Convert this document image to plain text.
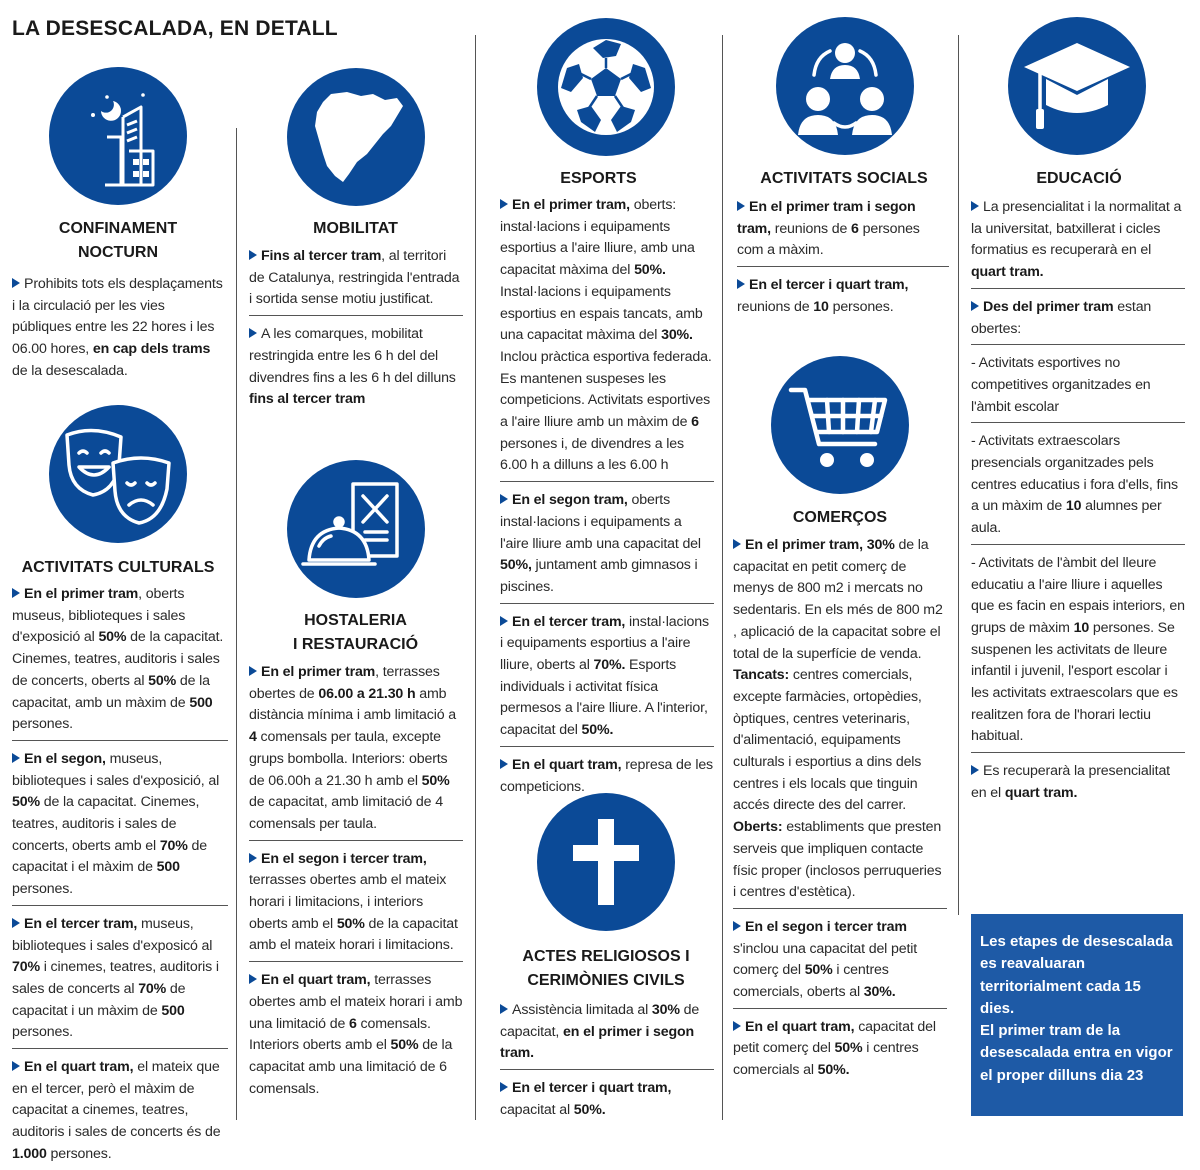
LA DESESCALADA, EN DETALL
CONFINAMENT
NOCTURN

Prohibits tots els desplaçaments i la circulació per les vies públiques entre les 22 hores i les 06.00 hores, en cap dels trams de la desescalada.

ACTIVITATS CULTURALS

En el primer tram, oberts museus, biblioteques i sales d'exposició al 50% de la capacitat. Cinemes, teatres, auditoris i sales de concerts, oberts al 50% de la capacitat, amb un màxim de 500 persones.

En el segon, museus, biblioteques i sales d'exposició, al 50% de la capacitat. Cinemes, teatres, auditoris i sales de concerts, oberts amb el 70% de capacitat i el màxim de 500 persones.

En el tercer tram, museus, biblioteques i sales d'exposicó al 70% i cinemes, teatres, auditoris i sales de concerts al 70% de capacitat i un màxim de 500 persones.

En el quart tram, el mateix que en el tercer, però el màxim de capacitat a cinemes, teatres, auditoris i sales de concerts és de 1.000 persones.

MOBILITAT

Fins al tercer tram, al territori de Catalunya, restringida l'entrada i sortida sense motiu justificat.

A les comarques, mobilitat restringida entre les 6 h del del divendres fins a les 6 h del dilluns fins al tercer tram

HOSTALERIA
I RESTAURACIÓ

En el primer tram, terrasses obertes de 06.00 a 21.30 h amb distància mínima i amb limitació a 4 comensals per taula, excepte grups bombolla. Interiors: oberts de 06.00h a 21.30 h amb el 50% de capacitat, amb limitació de 4 comensals per taula.

En el segon i tercer tram, terrasses obertes amb el mateix horari i limitacions, i interiors oberts amb el 50% de la capacitat amb el mateix horari i limitacions.

En el quart tram, terrasses obertes amb el mateix horari i amb una limitació de 6 comensals. Interiors oberts amb el 50% de la capacitat amb una limitació de 6 comensals.

ESPORTS

En el primer tram, oberts: instal·lacions i equipaments esportius a l'aire lliure, amb una capacitat màxima del 50%. Instal·lacions i equipaments esportius en espais tancats, amb una capacitat màxima del 30%. Inclou pràctica esportiva federada. Es mantenen suspeses les competicions. Activitats esportives a l'aire lliure amb un màxim de 6 persones i, de divendres a les 6.00 h a dilluns a les 6.00 h

En el segon tram, oberts instal·lacions i equipaments a l'aire lliure amb una capacitat del 50%, juntament amb gimnasos i piscines.

En el tercer tram, instal·lacions i equipaments esportius a l'aire lliure, oberts al 70%. Esports individuals i activitat física permesos a l'aire lliure. A l'interior, capacitat del 50%.

En el quart tram, represa de les competicions.

ACTES RELIGIOSOS I
CERIMÒNIES CIVILS

Assistència limitada al 30% de capacitat, en el primer i segon tram.

En el tercer i quart tram, capacitat al 50%.

ACTIVITATS SOCIALS

En el primer tram i segon tram, reunions de 6 persones com a màxim.

En el tercer i quart tram, reunions de 10 persones.

COMERÇOS

En el primer tram, 30% de la capacitat en petit comerç de menys de 800 m2 i mercats no sedentaris. En els més de 800 m2 , aplicació de la capacitat sobre el total de la superfície de venda. Tancats: centres comercials, excepte farmàcies, ortopèdies, òptiques, centres veterinaris, d'alimentació, equipaments culturals i esportius a dins dels centres i els locals que tinguin accés directe des del carrer. Oberts: establiments que presten serveis que impliquen contacte físic proper (inclosos perruqueries i centres d'estètica).

En el segon i tercer tram s'inclou una capacitat del petit comerç del 50% i centres comercials, oberts al 30%.

En el quart tram, capacitat del petit comerç del 50% i centres comercials al 50%.

EDUCACIÓ

La presencialitat i la normalitat a la universitat, batxillerat i cicles formatius es recuperarà en el quart tram.

Des del primer tram estan obertes:

- Activitats esportives no competitives organitzades en l'àmbit escolar

- Activitats extraescolars presencials organitzades pels centres educatius i fora d'ells, fins a un màxim de 10 alumnes per aula.

- Activitats de l'àmbit del lleure educatiu a l'aire lliure i aquelles que es facin en espais interiors, en grups de màxim 10 persones. Se suspenen les activitats de lleure infantil i juvenil, l'esport escolar i les activitats extraescolars que es realitzen fora de l'horari lectiu habitual.

Es recuperarà la presencialitat en el quart tram.

Les etapes de desescalada es reavaluaran territorialment cada 15 dies.

El primer tram de la desescalada entra en vigor el proper dilluns dia 23
